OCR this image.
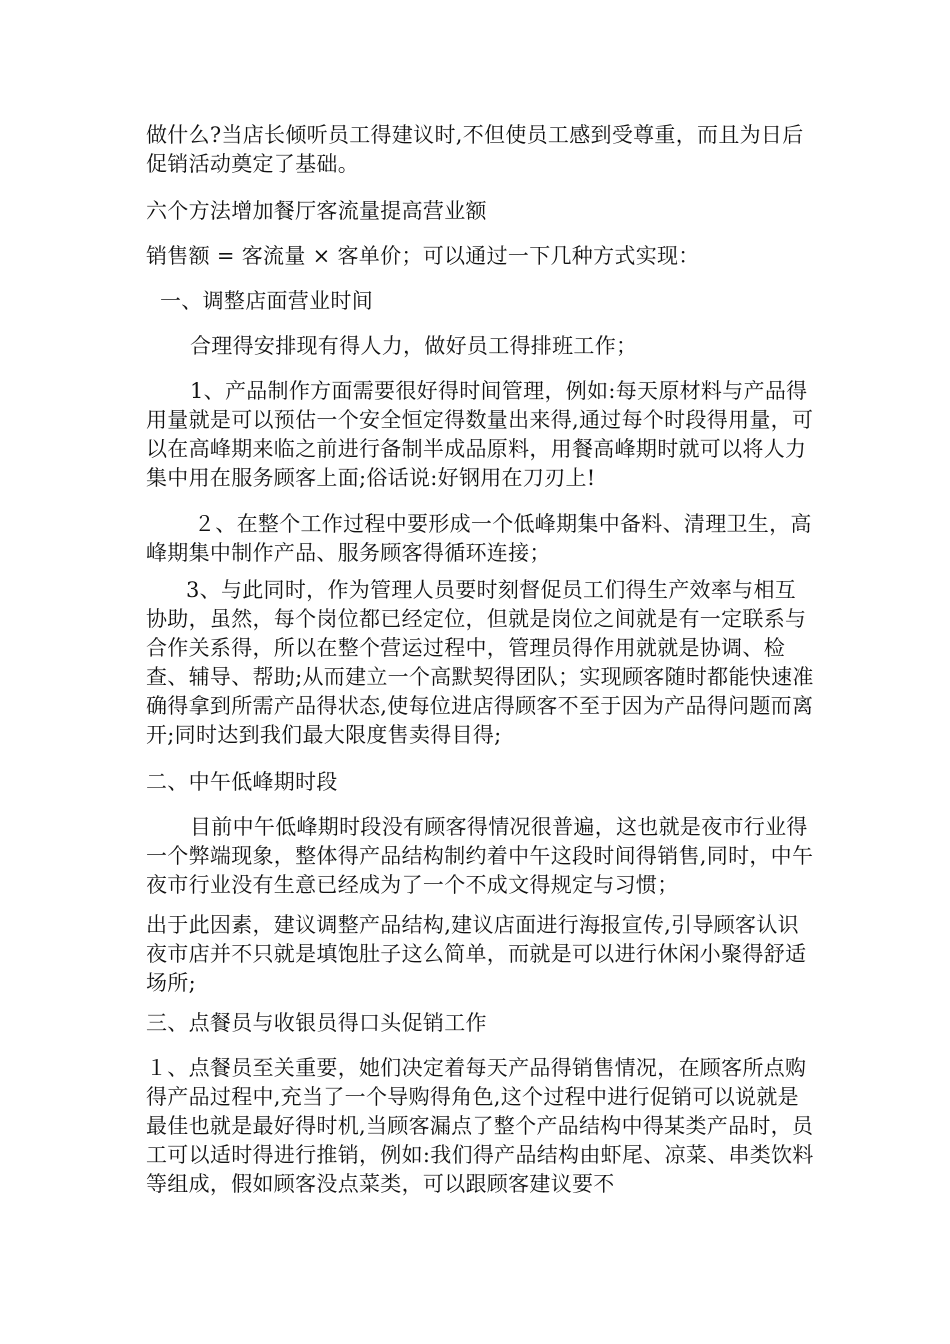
做什么?当店长倾听员工得建议时,不但使员工感到受尊重，而且为日后促销活动奠定了基础。

六个方法增加餐厅客流量提高营业额

销售额 = 客流量 × 客单价；可以通过一下几种方式实现：

一、调整店面营业时间

合理得安排现有得人力，做好员工得排班工作；

1、产品制作方面需要很好得时间管理，例如:每天原材料与产品得用量就是可以预估一个安全恒定得数量出来得,通过每个时段得用量，可以在高峰期来临之前进行备制半成品原料，用餐高峰期时就可以将人力集中用在服务顾客上面;俗话说:好钢用在刀刃上!

２、在整个工作过程中要形成一个低峰期集中备料、清理卫生，高峰期集中制作产品、服务顾客得循环连接；

3、与此同时，作为管理人员要时刻督促员工们得生产效率与相互协助，虽然，每个岗位都已经定位，但就是岗位之间就是有一定联系与合作关系得，所以在整个营运过程中，管理员得作用就就是协调、检查、辅导、帮助;从而建立一个高默契得团队；实现顾客随时都能快速准确得拿到所需产品得状态,使每位进店得顾客不至于因为产品得问题而离开;同时达到我们最大限度售卖得目得;

二、中午低峰期时段

目前中午低峰期时段没有顾客得情况很普遍，这也就是夜市行业得一个弊端现象，整体得产品结构制约着中午这段时间得销售,同时，中午夜市行业没有生意已经成为了一个不成文得规定与习惯；

出于此因素，建议调整产品结构,建议店面进行海报宣传,引导顾客认识夜市店并不只就是填饱肚子这么简单，而就是可以进行休闲小聚得舒适场所;

三、点餐员与收银员得口头促销工作

１、点餐员至关重要，她们决定着每天产品得销售情况，在顾客所点购得产品过程中,充当了一个导购得角色,这个过程中进行促销可以说就是最佳也就是最好得时机,当顾客漏点了整个产品结构中得某类产品时，员工可以适时得进行推销，例如:我们得产品结构由虾尾、凉菜、串类饮料等组成，假如顾客没点菜类，可以跟顾客建议要不
